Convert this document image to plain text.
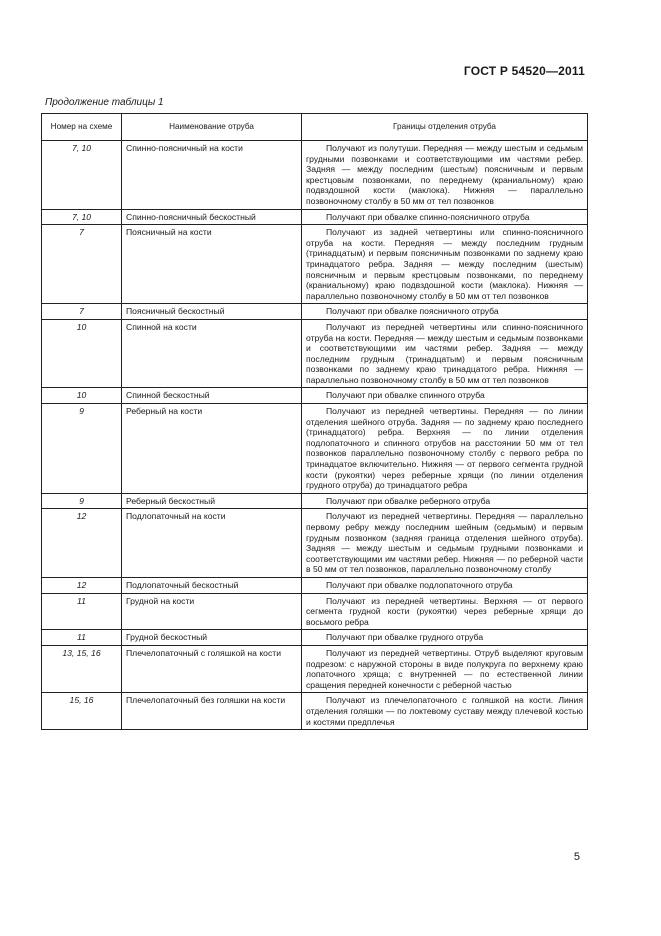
ГОСТ Р 54520—2011
Продолжение таблицы 1
Номер на схеме	Наименование отруба	Границы отделения отруба
7, 10	Спинно-поясничный на кости	Получают из полутуши. Передняя — между шестым и седьмым грудными позвонками и соответствующими им частями ребер. Задняя — между последним (шестым) поясничным и первым крестцовым позвонками, по переднему (краниальному) краю подвздошной кости (маклока). Нижняя — параллельно позвоночному столбу в 50 мм от тел позвонков
7, 10	Спинно-поясничный бескостный	Получают при обвалке спинно-поясничного отруба
7	Поясничный на кости	Получают из задней четвертины или спинно-поясничного отруба на кости. Передняя — между последним грудным (тринадцатым) и первым поясничным позвонками по заднему краю тринадцатого ребра. Задняя — между последним (шестым) поясничным и первым крестцовым позвонками, по переднему (краниальному) краю подвздошной кости (маклока). Нижняя — параллельно позвоночному столбу в 50 мм от тел позвонков
7	Поясничный бескостный	Получают при обвалке поясничного отруба
10	Спинной на кости	Получают из передней четвертины или спинно-поясничного отруба на кости. Передняя — между шестым и седьмым позвонками и соответствующими им частями ребер. Задняя — между последним грудным (тринадцатым) и первым поясничным позвонками по заднему краю тринадцатого ребра. Нижняя — параллельно позвоночному столбу в 50 мм от тел позвонков
10	Спинной бескостный	Получают при обвалке спинного отруба
9	Реберный на кости	Получают из передней четвертины. Передняя — по линии отделения шейного отруба. Задняя — по заднему краю последнего (тринадцатого) ребра. Верхняя — по линии отделения подлопаточного и спинного отрубов на расстоянии 50 мм от тел позвонков параллельно позвоночному столбу с первого ребра по тринадцатое включительно. Нижняя — от первого сегмента грудной кости (рукоятки) через реберные хрящи (по линии отделения грудного отруба) до тринадцатого ребра
9	Реберный бескостный	Получают при обвалке реберного отруба
12	Подлопаточный на кости	Получают из передней четвертины. Передняя — параллельно первому ребру между последним шейным (седьмым) и первым грудным позвонком (задняя граница отделения шейного отруба). Задняя — между шестым и седьмым грудными позвонками и соответствующими им частями ребер. Нижняя — по реберной части в 50 мм от тел позвонков, параллельно позвоночному столбу
12	Подлопаточный бескостный	Получают при обвалке подлопаточного отруба
11	Грудной на кости	Получают из передней четвертины. Верхняя — от первого сегмента грудной кости (рукоятки) через реберные хрящи до восьмого ребра
11	Грудной бескостный	Получают при обвалке грудного отруба
13, 15, 16	Плечелопаточный с голяшкой на кости	Получают из передней четвертины. Отруб выделяют круговым подрезом: с наружной стороны в виде полукруга по верхнему краю лопаточного хряща; с внутренней — по естественной линии сращения передней конечности с реберной частью
15, 16	Плечелопаточный без голяшки на кости	Получают из плечелопаточного с голяшкой на кости. Линия отделения голяшки — по локтевому суставу между плечевой костью и костями предплечья
5
